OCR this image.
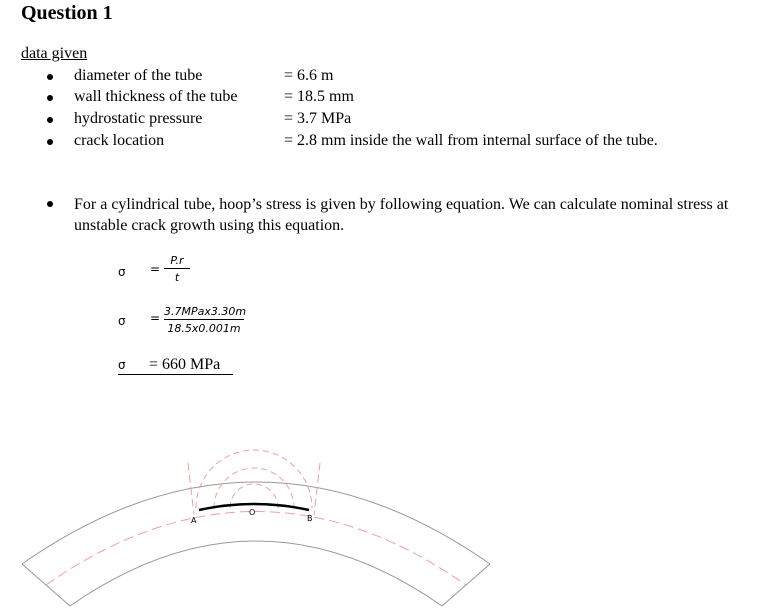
Question 1
data given
diameter of the tube	= 6.6 m
wall thickness of the tube	= 18.5 mm
hydrostatic pressure	= 3.7 MPa
crack location	= 2.8 mm inside the wall from internal surface of the tube.
For a cylindrical tube, hoop’s stress is given by following equation. We can calculate nominal stress at unstable crack growth using this equation.
σ =
P.r
t
σ = 3.7MPax3.30m
18.5x0.001m
σ = 660 MPa
A
O
B
